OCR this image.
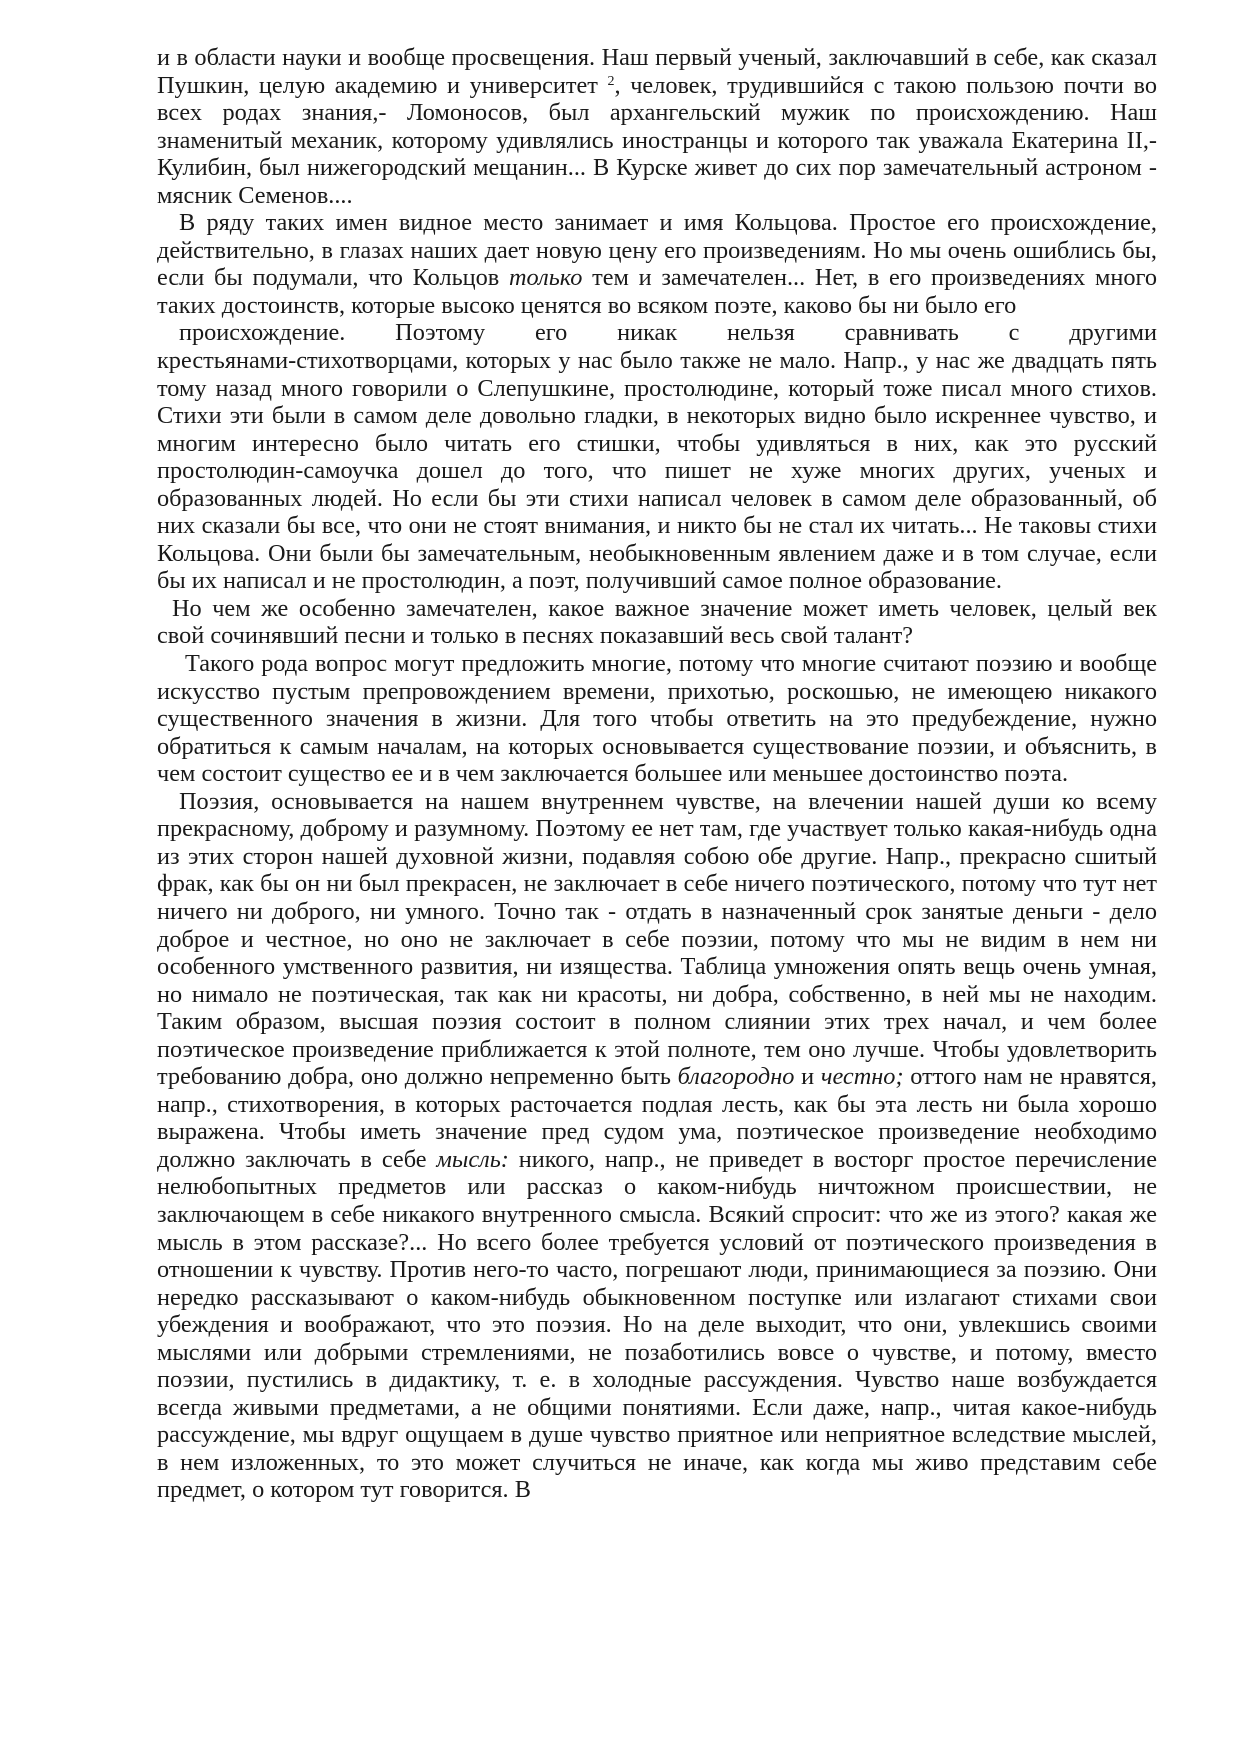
и в области науки и вообще просвещения. Наш первый ученый, заключавший в себе, как сказал Пушкин, целую академию и университет $^2$, человек, трудившийся с такою пользою почти во всех родах знания,- Ломоносов, был архангельский мужик по происхождению. Наш знаменитый механик, которому удивлялись иностранцы и которого так уважала Екатерина II,- Кулибин, был нижегородский мещанин... В Курске живет до сих пор замечательный астроном - мясник Семенов....

В ряду таких имен видное место занимает и имя Кольцова. Простое его происхождение, действительно, в глазах наших дает новую цену его произведениям. Но мы очень ошиблись бы, если бы подумали, что Кольцов только тем и замечателен... Нет, в его произведениях много таких достоинств, которые высоко ценятся во всяком поэте, каково бы ни было его
происхождение. Поэтому его никак нельзя сравнивать с другими
крестьянами-стихотворцами, которых у нас было также не мало. Напр., у нас же двадцать пять тому назад много говорили о Слепушкине, простолюдине, который тоже писал много стихов. Стихи эти были в самом деле довольно гладки, в некоторых видно было искреннее чувство, и многим интересно было читать его стишки, чтобы удивляться в них, как это русский простолюдин-самоучка дошел до того, что пишет не хуже многих других, ученых и образованных людей. Но если бы эти стихи написал человек в самом деле образованный, об них сказали бы все, что они не стоят внимания, и никто бы не стал их читать... Не таковы стихи Кольцова. Они были бы замечательным, необыкновенным явлением даже и в том случае, если бы их написал и не простолюдин, а поэт, получивший самое полное образование.

Но чем же особенно замечателен, какое важное значение может иметь человек, целый век свой сочинявший песни и только в песнях показавший весь свой талант?

Такого рода вопрос могут предложить многие, потому что многие считают поэзию и вообще искусство пустым препровождением времени, прихотью, роскошью, не имеющею никакого существенного значения в жизни. Для того чтобы ответить на это предубеждение, нужно обратиться к самым началам, на которых основывается существование поэзии, и объяснить, в чем состоит существо ее и в чем заключается большее или меньшее достоинство поэта.

Поэзия, основывается на нашем внутреннем чувстве, на влечении нашей души ко всему прекрасному, доброму и разумному. Поэтому ее нет там, где участвует только какая-нибудь одна из этих сторон нашей духовной жизни, подавляя собою обе другие. Напр., прекрасно сшитый фрак, как бы он ни был прекрасен, не заключает в себе ничего поэтического, потому что тут нет ничего ни доброго, ни умного. Точно так - отдать в назначенный срок занятые деньги - дело доброе и честное, но оно не заключает в себе поэзии, потому что мы не видим в нем ни особенного умственного развития, ни изящества. Таблица умножения опять вещь очень умная, но нимало не поэтическая, так как ни красоты, ни добра, собственно, в ней мы не находим. Таким образом, высшая поэзия состоит в полном слиянии этих трех начал, и чем более поэтическое произведение приближается к этой полноте, тем оно лучше. Чтобы удовлетворить требованию добра, оно должно непременно быть благородно и честно; оттого нам не нравятся, напр., стихотворения, в которых расточается подлая лесть, как бы эта лесть ни была хорошо выражена. Чтобы иметь значение пред судом ума, поэтическое произведение необходимо должно заключать в себе мысль: никого, напр., не приведет в восторг простое перечисление нелюбопытных предметов или рассказ о каком-нибудь ничтожном происшествии, не заключающем в себе никакого внутренного смысла. Всякий спросит: что же из этого? какая же мысль в этом рассказе?... Но всего более требуется условий от поэтического произведения в отношении к чувству. Против него-то часто, погрешают люди, принимающиеся за поэзию. Они нередко рассказывают о каком-нибудь обыкновенном поступке или излагают стихами свои убеждения и воображают, что это поэзия. Но на деле выходит, что они, увлекшись своими мыслями или добрыми стремлениями, не позаботились вовсе о чувстве, и потому, вместо поэзии, пустились в дидактику, т. е. в холодные рассуждения. Чувство наше возбуждается всегда живыми предметами, а не общими понятиями. Если даже, напр., читая какое-нибудь рассуждение, мы вдруг ощущаем в душе чувство приятное или неприятное вследствие мыслей, в нем изложенных, то это может случиться не иначе, как когда мы живо представим себе предмет, о котором тут говорится. В
